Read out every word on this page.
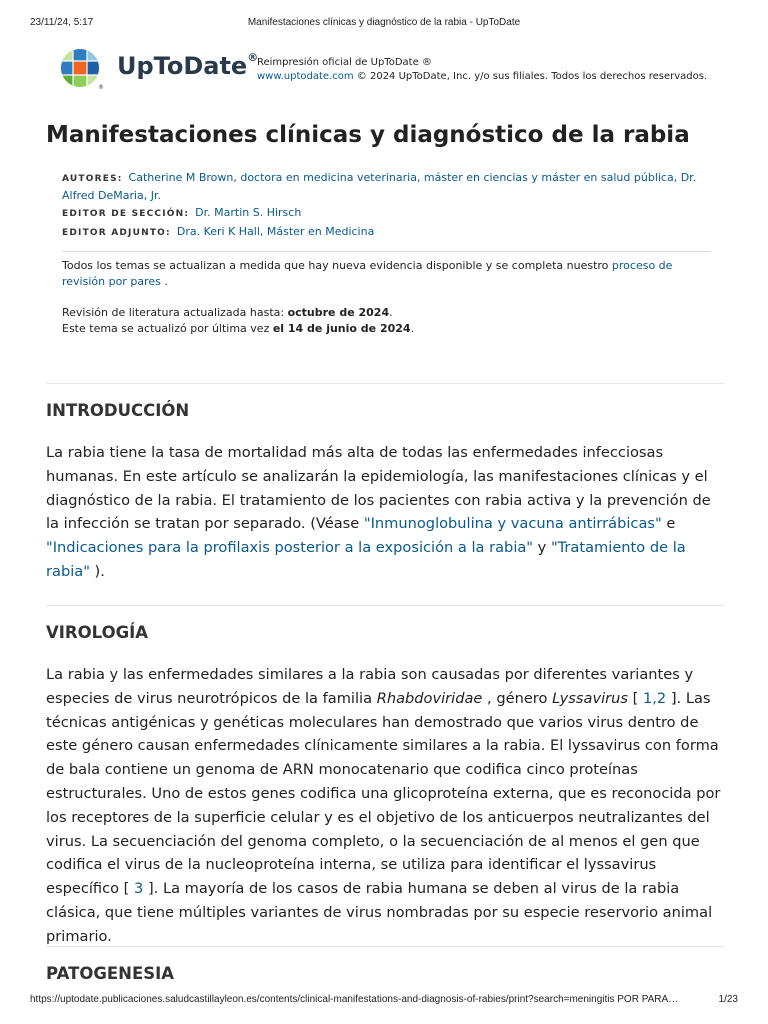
23/11/24, 5:17	Manifestaciones clínicas y diagnóstico de la rabia - UpToDate
®
UpToDate®
Reimpresión oficial de UpToDate ®
www.uptodate.com © 2024 UpToDate, Inc. y/o sus filiales. Todos los derechos reservados.
Manifestaciones clínicas y diagnóstico de la rabia
AUTORES: Catherine M Brown, doctora en medicina veterinaria, máster en ciencias y máster en salud pública, Dr. Alfred DeMaria, Jr.
EDITOR DE SECCIÓN: Dr. Martin S. Hirsch
EDITOR ADJUNTO: Dra. Keri K Hall, Máster en Medicina

Todos los temas se actualizan a medida que hay nueva evidencia disponible y se completa nuestro proceso de revisión por pares .

Revisión de literatura actualizada hasta: octubre de 2024.

Este tema se actualizó por última vez el 14 de junio de 2024.

INTRODUCCIÓN

La rabia tiene la tasa de mortalidad más alta de todas las enfermedades infecciosas humanas. En este artículo se analizarán la epidemiología, las manifestaciones clínicas y el diagnóstico de la rabia. El tratamiento de los pacientes con rabia activa y la prevención de la infección se tratan por separado. (Véase "Inmunoglobulina y vacuna antirrábicas" e "Indicaciones para la profilaxis posterior a la exposición a la rabia" y "Tratamiento de la rabia" ).

VIROLOGÍA

La rabia y las enfermedades similares a la rabia son causadas por diferentes variantes y especies de virus neurotrópicos de la familia Rhabdoviridae , género Lyssavirus [ 1,2 ]. Las técnicas antigénicas y genéticas moleculares han demostrado que varios virus dentro de este género causan enfermedades clínicamente similares a la rabia. El lyssavirus con forma de bala contiene un genoma de ARN monocatenario que codifica cinco proteínas estructurales. Uno de estos genes codifica una glicoproteína externa, que es reconocida por los receptores de la superficie celular y es el objetivo de los anticuerpos neutralizantes del virus. La secuenciación del genoma completo, o la secuenciación de al menos el gen que codifica el virus de la nucleoproteína interna, se utiliza para identificar el lyssavirus específico [ 3 ]. La mayoría de los casos de rabia humana se deben al virus de la rabia clásica, que tiene múltiples variantes de virus nombradas por su especie reservorio animal primario.

PATOGENESIA
https://uptodate.publicaciones.saludcastillayleon.es/contents/clinical-manifestations-and-diagnosis-of-rabies/print?search=meningitis POR PARA…	1/23
